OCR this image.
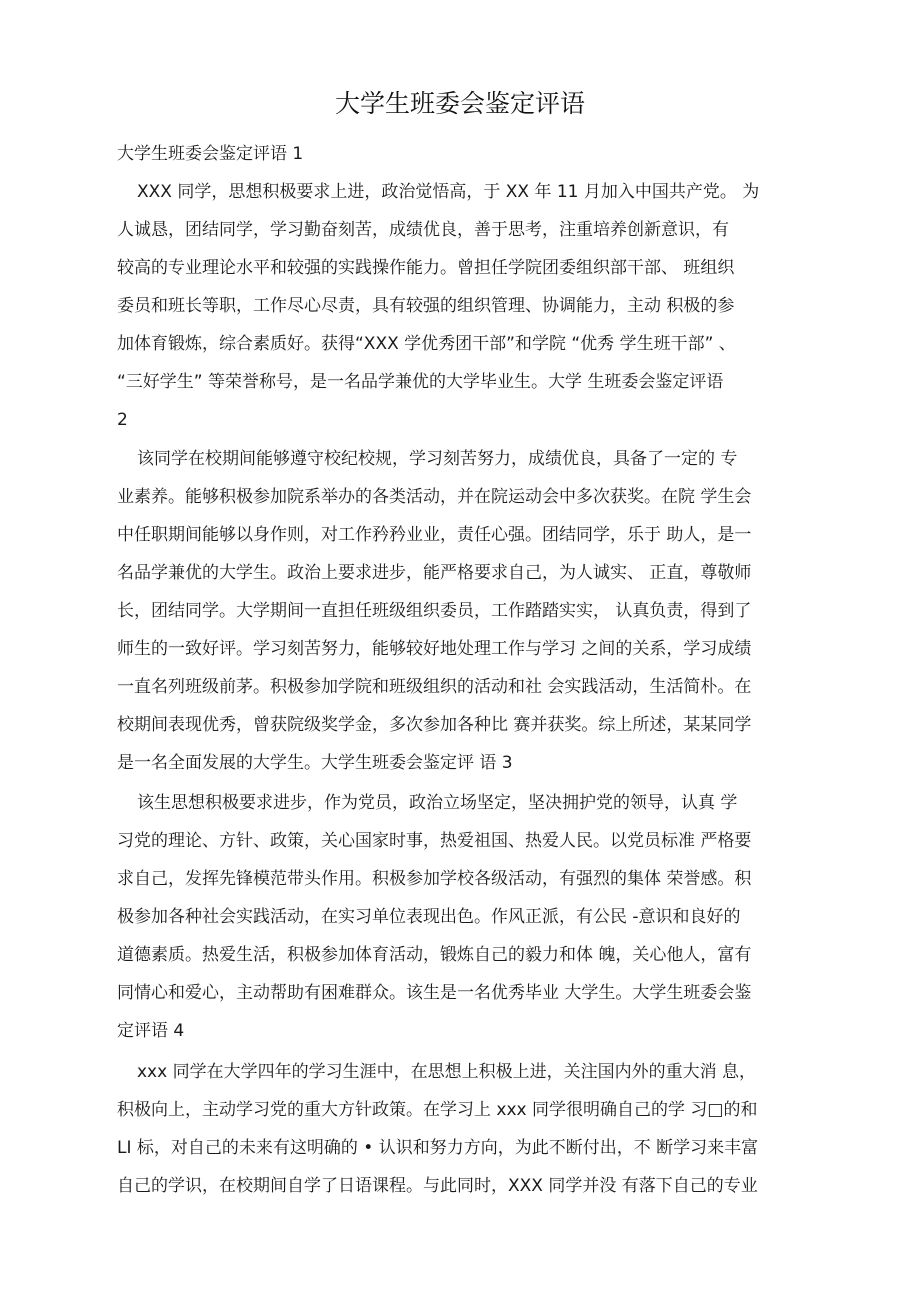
大学生班委会鉴定评语
大学生班委会鉴定评语 1
XXX 同学，思想积极要求上进，政治觉悟高，于 XX 年 11 月加入中国共产党。 为
人诚恳，团结同学，学习勤奋刻苦，成绩优良，善于思考，注重培养创新意识，有
较高的专业理论水平和较强的实践操作能力。曾担任学院团委组织部干部、 班组织
委员和班长等职，工作尽心尽责，具有较强的组织管理、协调能力，主动 积极的参
加体育锻炼，综合素质好。获得“XXX 学优秀团干部”和学院 “优秀 学生班干部” 、
“三好学生” 等荣誉称号，是一名品学兼优的大学毕业生。大学 生班委会鉴定评语
2
该同学在校期间能够遵守校纪校规，学习刻苦努力，成绩优良，具备了一定的 专
业素养。能够积极参加院系举办的各类活动，并在院运动会中多次获奖。在院 学生会
中任职期间能够以身作则，对工作矜矜业业，责任心强。团结同学，乐于 助人，是一
名品学兼优的大学生。政治上要求进步，能严格要求自己，为人诚实、 正直，尊敬师
长，团结同学。大学期间一直担任班级组织委员，工作踏踏实实， 认真负责，得到了
师生的一致好评。学习刻苦努力，能够较好地处理工作与学习 之间的关系，学习成绩
一直名列班级前茅。积极参加学院和班级组织的活动和社 会实践活动，生活简朴。在
校期间表现优秀，曾获院级奖学金，多次参加各种比 赛并获奖。综上所述，某某同学
是一名全面发展的大学生。大学生班委会鉴定评 语 3
该生思想积极要求进步，作为党员，政治立场坚定，坚决拥护党的领导，认真 学
习党的理论、方针、政策，关心国家时事，热爱祖国、热爱人民。以党员标准 严格要
求自己，发挥先锋模范带头作用。积极参加学校各级活动，有强烈的集体 荣誉感。积
极参加各种社会实践活动，在实习单位表现出色。作风正派，有公民 -意识和良好的
道德素质。热爱生活，积极参加体育活动，锻炼自己的毅力和体 魄，关心他人，富有
同情心和爱心，主动帮助有困难群众。该生是一名优秀毕业 大学生。大学生班委会鉴
定评语 4
xxx 同学在大学四年的学习生涯中，在思想上积极上进，关注国内外的重大消 息，
积极向上，主动学习党的重大方针政策。在学习上 xxx 同学很明确自己的学 习□的和
LI 标，对自己的未来有这明确的 • 认识和努力方向，为此不断付出，不 断学习来丰富
自己的学识，在校期间自学了日语课程。与此同时，XXX 同学并没 有落下自己的专业
